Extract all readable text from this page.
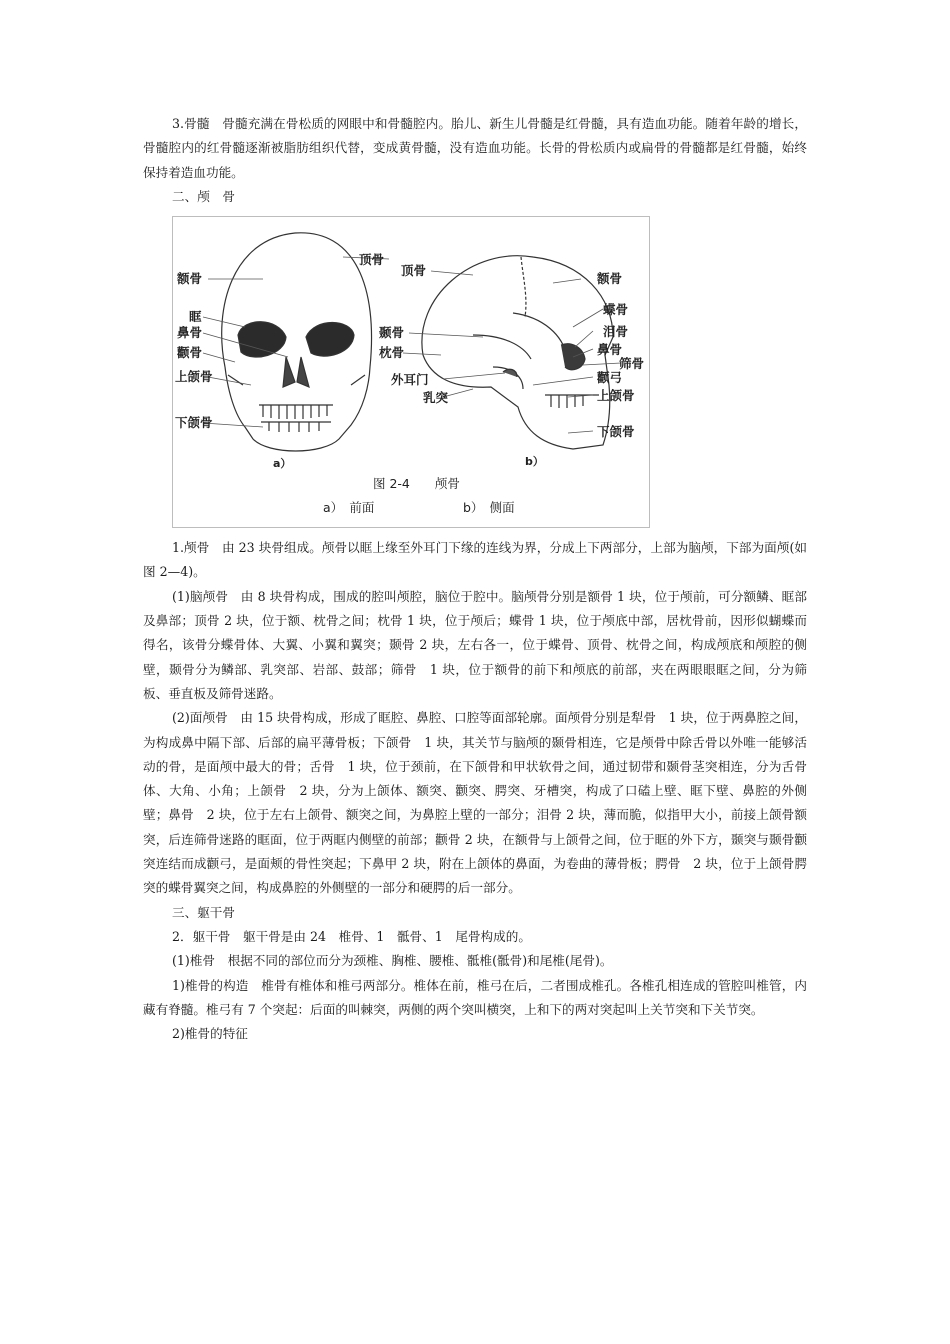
3.骨髓　骨髓充满在骨松质的网眼中和骨髓腔内。胎儿、新生儿骨髓是红骨髓，具有造血功能。随着年龄的增长，骨髓腔内的红骨髓逐渐被脂肪组织代替，变成黄骨髓，没有造血功能。长骨的骨松质内或扁骨的骨髓都是红骨髓，始终保持着造血功能。

二、颅　骨

顶骨
额骨
眶
鼻骨
颧骨
上颌骨
下颌骨
顶骨
额骨
蝶骨
泪骨
颞骨
鼻骨
枕骨
筛骨
外耳门	颧弓
上颌骨
乳突
下颌骨
a）	b）
图 2-4　　颅骨
a）　前面	b）　侧面

1.颅骨　由 23 块骨组成。颅骨以眶上缘至外耳门下缘的连线为界，分成上下两部分，上部为脑颅，下部为面颅(如图 2—4)。

(1)脑颅骨　由 8 块骨构成，围成的腔叫颅腔，脑位于腔中。脑颅骨分别是额骨 1 块，位于颅前，可分额鳞、眶部及鼻部；顶骨 2 块，位于额、枕骨之间；枕骨 1 块，位于颅后；蝶骨 1 块，位于颅底中部，居枕骨前，因形似蝴蝶而得名，该骨分蝶骨体、大翼、小翼和翼突；颞骨 2 块，左右各一，位于蝶骨、顶骨、枕骨之间，构成颅底和颅腔的侧壁，颞骨分为鳞部、乳突部、岩部、鼓部；筛骨　1 块，位于额骨的前下和颅底的前部，夹在两眼眼眶之间，分为筛板、垂直板及筛骨迷路。

(2)面颅骨　由 15 块骨构成，形成了眶腔、鼻腔、口腔等面部轮廓。面颅骨分别是犁骨　1 块，位于两鼻腔之间，为构成鼻中隔下部、后部的扁平薄骨板；下颌骨　1 块，其关节与脑颅的颞骨相连，它是颅骨中除舌骨以外唯一能够活动的骨，是面颅中最大的骨；舌骨　1 块，位于颈前，在下颌骨和甲状软骨之间，通过韧带和颞骨茎突相连，分为舌骨体、大角、小角；上颌骨　2 块，分为上颌体、额突、颧突、腭突、牙槽突，构成了口磕上壁、眶下壁、鼻腔的外侧壁；鼻骨　2 块，位于左右上颌骨、额突之间，为鼻腔上壁的一部分；泪骨 2 块，薄而脆，似指甲大小，前接上颌骨额突，后连筛骨迷路的眶面，位于两眶内侧壁的前部；颧骨 2 块，在额骨与上颌骨之间，位于眶的外下方，颞突与颞骨颧突连结而成颧弓，是面颊的骨性突起；下鼻甲 2 块，附在上颌体的鼻面，为卷曲的薄骨板；腭骨　2 块，位于上颌骨腭突的蝶骨翼突之间，构成鼻腔的外侧壁的一部分和硬腭的后一部分。

三、躯干骨

2．躯干骨　躯干骨是由 24　椎骨、1　骶骨、1　尾骨构成的。

(1)椎骨　根据不同的部位而分为颈椎、胸椎、腰椎、骶椎(骶骨)和尾椎(尾骨)。

1)椎骨的构造　椎骨有椎体和椎弓两部分。椎体在前，椎弓在后，二者围成椎孔。各椎孔相连成的管腔叫椎管，内藏有脊髓。椎弓有 7 个突起：后面的叫棘突，两侧的两个突叫横突，上和下的两对突起叫上关节突和下关节突。

2)椎骨的特征
